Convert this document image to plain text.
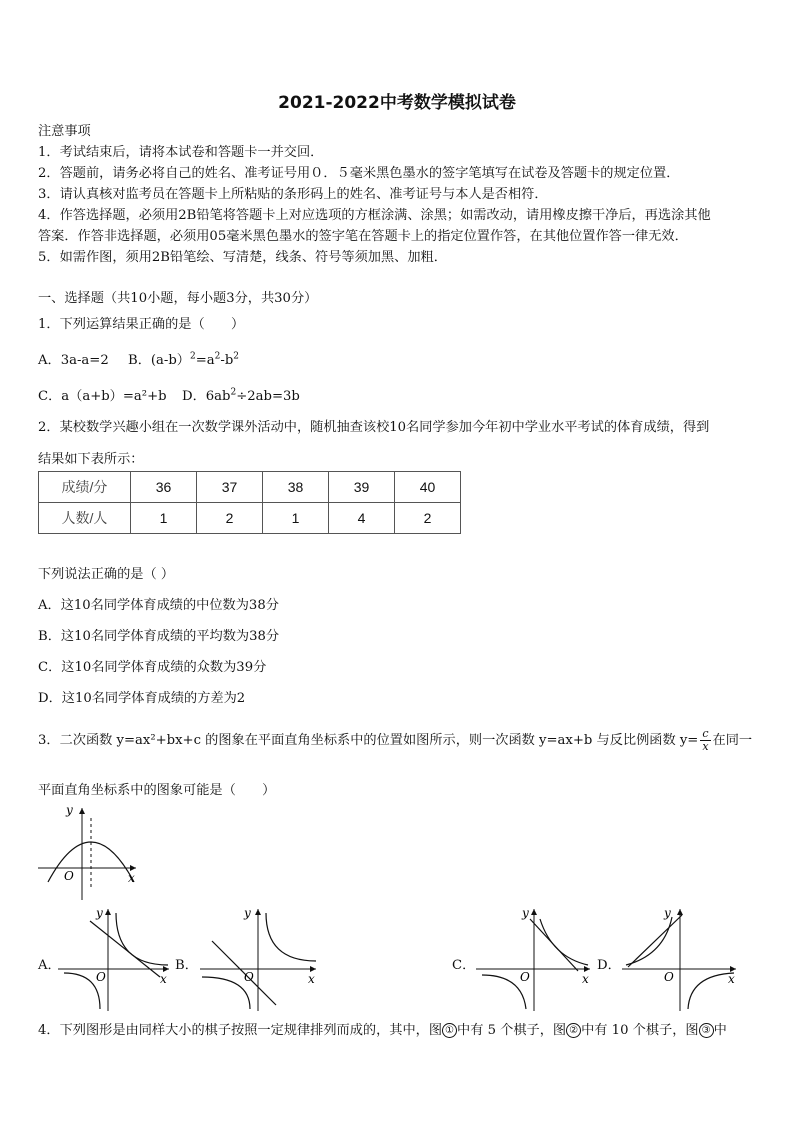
2021-2022中考数学模拟试卷
注意事项
1．考试结束后，请将本试卷和答题卡一并交回．
2．答题前，请务必将自己的姓名、准考证号用０．５毫米黑色墨水的签字笔填写在试卷及答题卡的规定位置．
3．请认真核对监考员在答题卡上所粘贴的条形码上的姓名、准考证号与本人是否相符．
4．作答选择题，必须用2B铅笔将答题卡上对应选项的方框涂满、涂黑；如需改动，请用橡皮擦干净后，再选涂其他
答案．作答非选择题，必须用05毫米黑色墨水的签字笔在答题卡上的指定位置作答，在其他位置作答一律无效．
5．如需作图，须用2B铅笔绘、写清楚，线条、符号等须加黑、加粗．
一、选择题（共10小题，每小题3分，共30分）
1．下列运算结果正确的是（　　）
A．3a-a=2 B．$(a-b)^2=a^2-b^2$
C．a（a+b）=a²+b D．$6ab^2\div 2ab=3b$
2．某校数学兴趣小组在一次数学课外活动中，随机抽查该校10名同学参加今年初中学业水平考试的体育成绩，得到
结果如下表所示：
成绩/分	36	37	38	39	40
人数/人	1	2	1	4	2
下列说法正确的是（ ）
A．这10名同学体育成绩的中位数为38分
B．这10名同学体育成绩的平均数为38分
C．这10名同学体育成绩的众数为39分
D．这10名同学体育成绩的方差为2
3．二次函数 y=ax²+bx+c 的图象在平面直角坐标系中的位置如图所示，则一次函数 y=ax+b 与反比例函数 $y= \frac{c}{x}$ 在同一
平面直角坐标系中的图象可能是（　　）
y
x
O
A．
y
x
O
B．
y
x
O
C．
y
x
O
D．
y
x
O
4．下列图形是由同样大小的棋子按照一定规律排列而成的，其中，图 ① 中有 5 个棋子，图 ② 中有 10 个棋子，图 ③ 中
